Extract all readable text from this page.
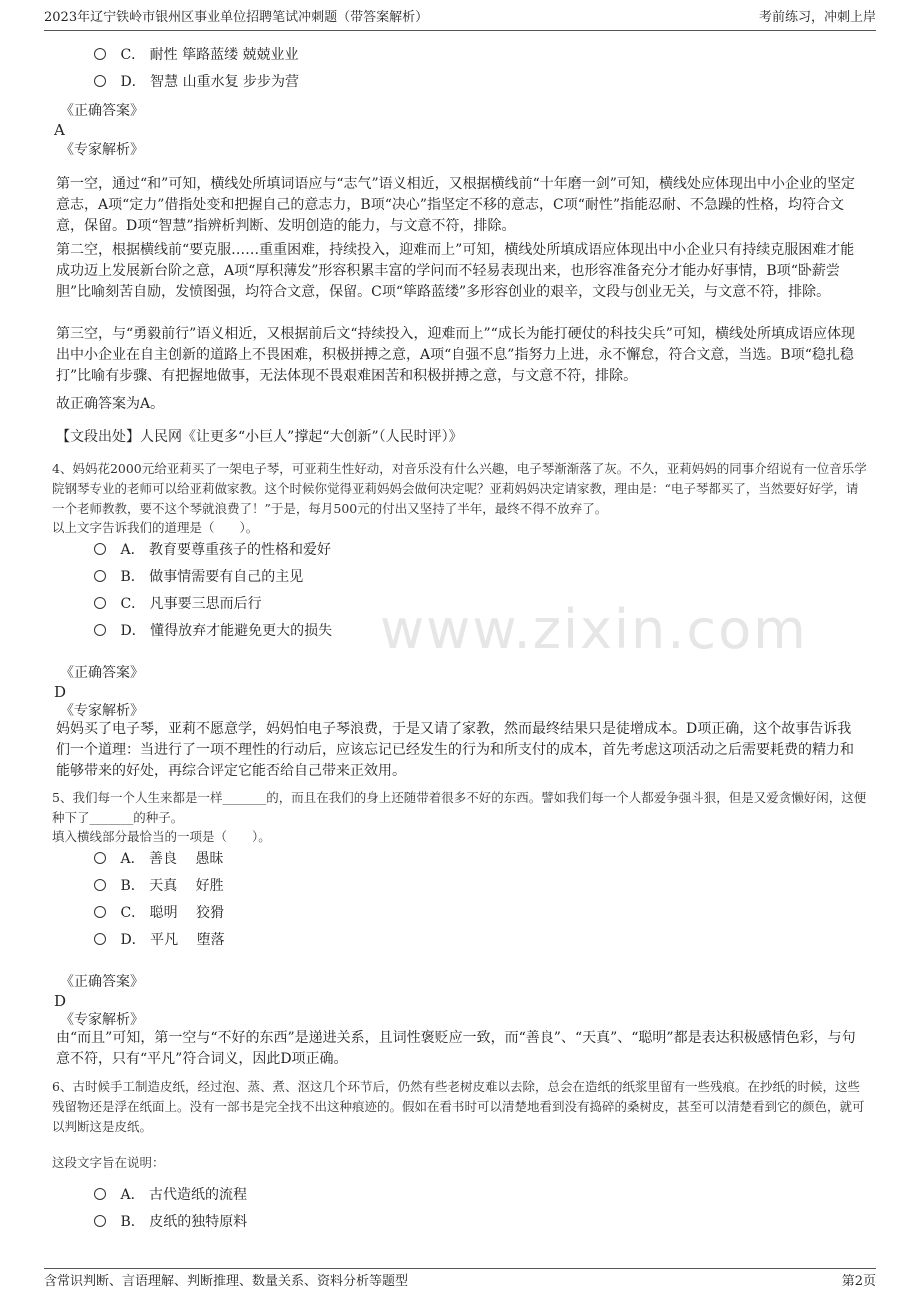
2023年辽宁铁岭市银州区事业单位招聘笔试冲刺题（带答案解析）	考前练习，冲刺上岸
www.zixin.com
C． 耐性 筚路蓝缕 兢兢业业
D． 智慧 山重水复 步步为营
《正确答案》
A
《专家解析》
第一空，通过“和”可知，横线处所填词语应与“志气”语义相近，又根据横线前“十年磨一剑”可知，横线处应体现出中小企业的坚定意志，A项“定力”借指处变和把握自己的意志力，B项“决心”指坚定不移的意志，C项“耐性”指能忍耐、不急躁的性格，均符合文意，保留。D项“智慧”指辨析判断、发明创造的能力，与文意不符，排除。
第二空，根据横线前“要克服……重重困难，持续投入，迎难而上”可知，横线处所填成语应体现出中小企业只有持续克服困难才能成功迈上发展新台阶之意，A项“厚积薄发”形容积累丰富的学问而不轻易表现出来，也形容准备充分才能办好事情，B项“卧薪尝胆”比喻刻苦自励，发愤图强，均符合文意，保留。C项“筚路蓝缕”多形容创业的艰辛，文段与创业无关，与文意不符，排除。
第三空，与“勇毅前行”语义相近，又根据前后文“持续投入，迎难而上”“成长为能打硬仗的科技尖兵”可知，横线处所填成语应体现出中小企业在自主创新的道路上不畏困难，积极拼搏之意，A项“自强不息”指努力上进，永不懈怠，符合文意，当选。B项“稳扎稳打”比喻有步骤、有把握地做事，无法体现不畏艰难困苦和积极拼搏之意，与文意不符，排除。
故正确答案为A。
【文段出处】人民网《让更多“小巨人”撑起“大创新”（人民时评）》
4、妈妈花2000元给亚莉买了一架电子琴，可亚莉生性好动，对音乐没有什么兴趣，电子琴渐渐落了灰。不久，亚莉妈妈的同事介绍说有一位音乐学院钢琴专业的老师可以给亚莉做家教。这个时候你觉得亚莉妈妈会做何决定呢？亚莉妈妈决定请家教，理由是：“电子琴都买了，当然要好好学，请一个老师教教，要不这个琴就浪费了！”于是，每月500元的付出又坚持了半年，最终不得不放弃了。
以上文字告诉我们的道理是（　　）。
A． 教育要尊重孩子的性格和爱好
B． 做事情需要有自己的主见
C． 凡事要三思而后行
D． 懂得放弃才能避免更大的损失
《正确答案》
D
《专家解析》
妈妈买了电子琴，亚莉不愿意学，妈妈怕电子琴浪费，于是又请了家教，然而最终结果只是徒增成本。D项正确，这个故事告诉我们一个道理：当进行了一项不理性的行动后，应该忘记已经发生的行为和所支付的成本，首先考虑这项活动之后需要耗费的精力和能够带来的好处，再综合评定它能否给自己带来正效用。
5、我们每一个人生来都是一样_______的，而且在我们的身上还随带着很多不好的东西。譬如我们每一个人都爱争强斗狠，但是又爱贪懒好闲，这便种下了_______的种子。
填入横线部分最恰当的一项是（　　）。
A． 善良　 愚昧
B． 天真　 好胜
C． 聪明　 狡猾
D． 平凡　 堕落
《正确答案》
D
《专家解析》
由“而且”可知，第一空与“不好的东西”是递进关系，且词性褒贬应一致，而“善良”、“天真”、“聪明”都是表达积极感情色彩，与句意不符，只有“平凡”符合词义，因此D项正确。
6、古时候手工制造皮纸，经过泡、蒸、煮、沤这几个环节后，仍然有些老树皮难以去除，总会在造纸的纸浆里留有一些残痕。在抄纸的时候，这些残留物还是浮在纸面上。没有一部书是完全找不出这种痕迹的。假如在看书时可以清楚地看到没有捣碎的桑树皮，甚至可以清楚看到它的颜色，就可以判断这是皮纸。
这段文字旨在说明：
A． 古代造纸的流程
B． 皮纸的独特原料
含常识判断、言语理解、判断推理、数量关系、资料分析等题型	第2页
